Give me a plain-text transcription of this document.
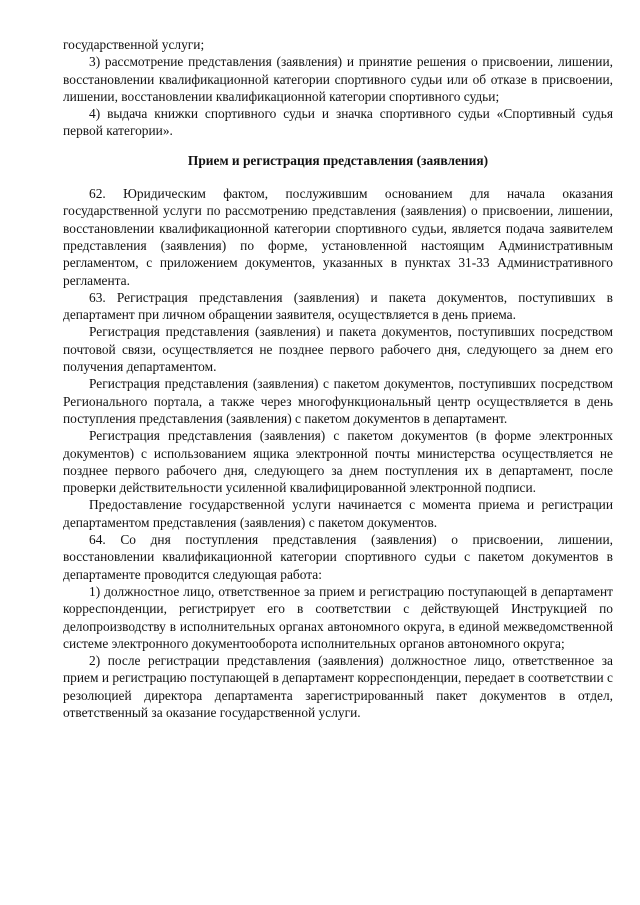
государственной услуги;

3) рассмотрение представления (заявления) и принятие решения о присвоении, лишении, восстановлении квалификационной категории спортивного судьи или об отказе в присвоении, лишении, восстановлении квалификационной категории спортивного судьи;

4) выдача книжки спортивного судьи и значка спортивного судьи «Спортивный судья первой категории».

Прием и регистрация представления (заявления)

62. Юридическим фактом, послужившим основанием для начала оказания государственной услуги по рассмотрению представления (заявления) о присвоении, лишении, восстановлении квалификационной категории спортивного судьи, является подача заявителем представления (заявления) по форме, установленной настоящим Административным регламентом, с приложением документов, указанных в пунктах 31-33 Административного регламента.

63. Регистрация представления (заявления) и пакета документов, поступивших в департамент при личном обращении заявителя, осуществляется в день приема.

Регистрация представления (заявления) и пакета документов, поступивших посредством почтовой связи, осуществляется не позднее первого рабочего дня, следующего за днем его получения департаментом.

Регистрация представления (заявления) с пакетом документов, поступивших посредством Регионального портала, а также через многофункциональный центр осуществляется в день поступления представления (заявления) с пакетом документов в департамент.

Регистрация представления (заявления) с пакетом документов (в форме электронных документов) с использованием ящика электронной почты министерства осуществляется не позднее первого рабочего дня, следующего за днем поступления их в департамент, после проверки действительности усиленной квалифицированной электронной подписи.

Предоставление государственной услуги начинается с момента приема и регистрации департаментом представления (заявления) с пакетом документов.

64. Со дня поступления представления (заявления) о присвоении, лишении, восстановлении квалификационной категории спортивного судьи с пакетом документов в департаменте проводится следующая работа:

1) должностное лицо, ответственное за прием и регистрацию поступающей в департамент корреспонденции, регистрирует его в соответствии с действующей Инструкцией по делопроизводству в исполнительных органах автономного округа, в единой межведомственной системе электронного документооборота исполнительных органов автономного округа;

2) после регистрации представления (заявления) должностное лицо, ответственное за прием и регистрацию поступающей в департамент корреспонденции, передает в соответствии с резолюцией директора департамента зарегистрированный пакет документов в отдел, ответственный за оказание государственной услуги.
